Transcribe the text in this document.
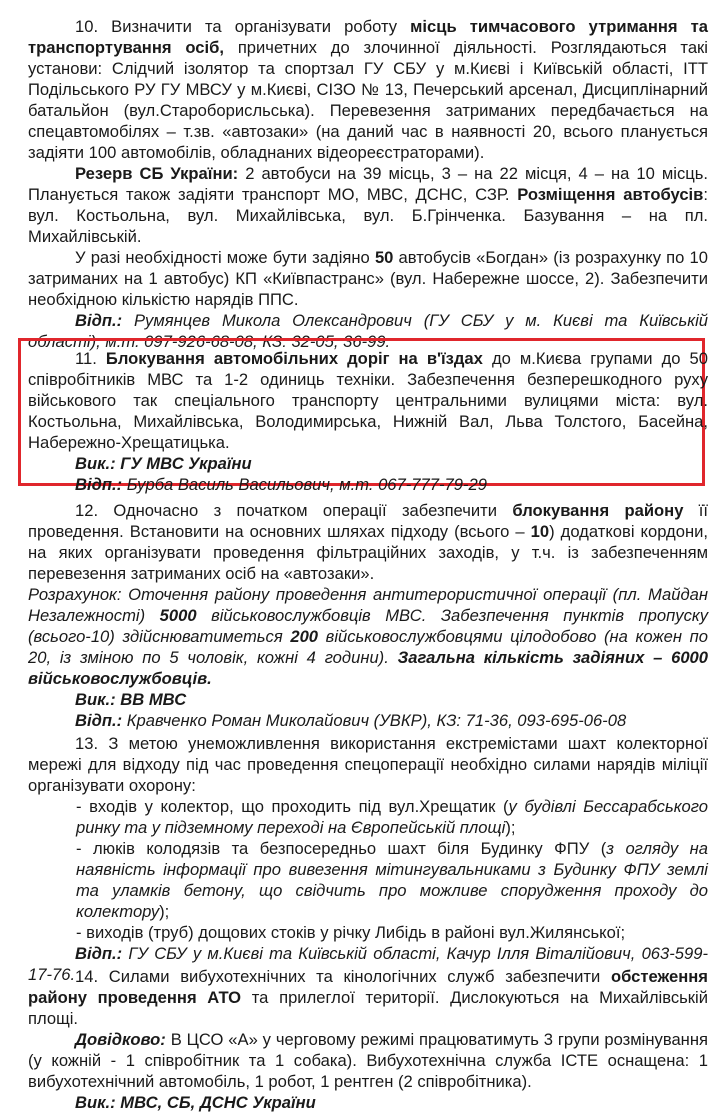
10. Визначити та організувати роботу місць тимчасового утримання та транспортування осіб, причетних до злочинної діяльності. Розглядаються такі установи: Слідчий ізолятор та спортзал ГУ СБУ у м.Києві і Київській області, ІТТ Подільського РУ ГУ МВСУ у м.Києві, СІЗО № 13, Печерський арсенал, Дисциплінарний батальйон (вул.Староборисльська). Перевезення затриманих передбачається на спецавтомобілях – т.зв. «автозаки» (на даний час в наявності 20, всього планується задіяти 100 автомобілів, обладнаних відеореєстраторами).

Резерв СБ України: 2 автобуси на 39 місць, 3 – на 22 місця, 4 – на 10 місць. Планується також задіяти транспорт МО, МВС, ДСНС, СЗР. Розміщення автобусів: вул. Костьольна, вул. Михайлівська, вул. Б.Грінченка. Базування – на пл. Михайлівській.

У разі необхідності може бути задіяно 50 автобусів «Богдан» (із розрахунку по 10 затриманих на 1 автобус) КП «Київпастранс» (вул. Набережне шоссе, 2). Забезпечити необхідною кількістю нарядів ППС.

Відп.: Румянцев Микола Олександрович (ГУ СБУ у м. Києві та Київській області), м.т. 097-926-68-08, КЗ: 32-05, 36-99.

11. Блокування автомобільних доріг на в'їздах до м.Києва групами до 50 співробітників МВС та 1-2 одиниць техніки. Забезпечення безперешкодного руху військового так спеціального транспорту центральними вулицями міста: вул. Костьольна, Михайлівська, Володимирська, Нижній Вал, Льва Толстого, Басейна, Набережно-Хрещатицька.

Вик.: ГУ МВС України

Відп.: Бурба Василь Васильович, м.т. 067-777-79-29

12. Одночасно з початком операції забезпечити блокування району її проведення. Встановити на основних шляхах підходу (всього – 10) додаткові кордони, на яких організувати проведення фільтраційних заходів, у т.ч. із забезпеченням перевезення затриманих осіб на «автозаки».

Розрахунок: Оточення району проведення антитерористичної операції (пл. Майдан Незалежності) 5000 військовослужбовців МВС. Забезпечення пунктів пропуску (всього-10) здійснюватиметься 200 військовослужбовцями цілодобово (на кожен по 20, із зміною по 5 чоловік, кожні 4 години). Загальна кількість задіяних – 6000 військовослужбовців.

Вик.: ВВ МВС

Відп.: Кравченко Роман Миколайович (УВКР), КЗ: 71-36, 093-695-06-08

13. З метою унеможливлення використання екстремістами шахт колекторної мережі для відходу під час проведення спецоперації необхідно силами нарядів міліції організувати охорону:

- входів у колектор, що проходить під вул.Хрещатик (у будівлі Бессарабського ринку та у підземному переході на Європейській площі);

- люків колодязів та безпосередньо шахт біля Будинку ФПУ (з огляду на наявність інформації про вивезення мітингувальниками з Будинку ФПУ землі та уламків бетону, що свідчить про можливе спорудження проходу до колектору);

- виходів (труб) дощових стоків у річку Либідь в районі вул.Жилянської;

Відп.: ГУ СБУ у м.Києві та Київській області, Качур Ілля Віталійович, 063-599-17-76. 14. Силами вибухотехнічних та кінологічних служб забезпечити обстеження району проведення АТО та прилеглої території. Дислокуються на Михайлівській площі.

Довідково: В ЦСО «А» у черговому режимі працюватимуть 3 групи розмінування (у кожній - 1 співробітник та 1 собака). Вибухотехнічна служба ІСТЕ оснащена: 1 вибухотехнічний автомобіль, 1 робот, 1 рентген (2 співробітника).

Вик.: МВС, СБ, ДСНС України
